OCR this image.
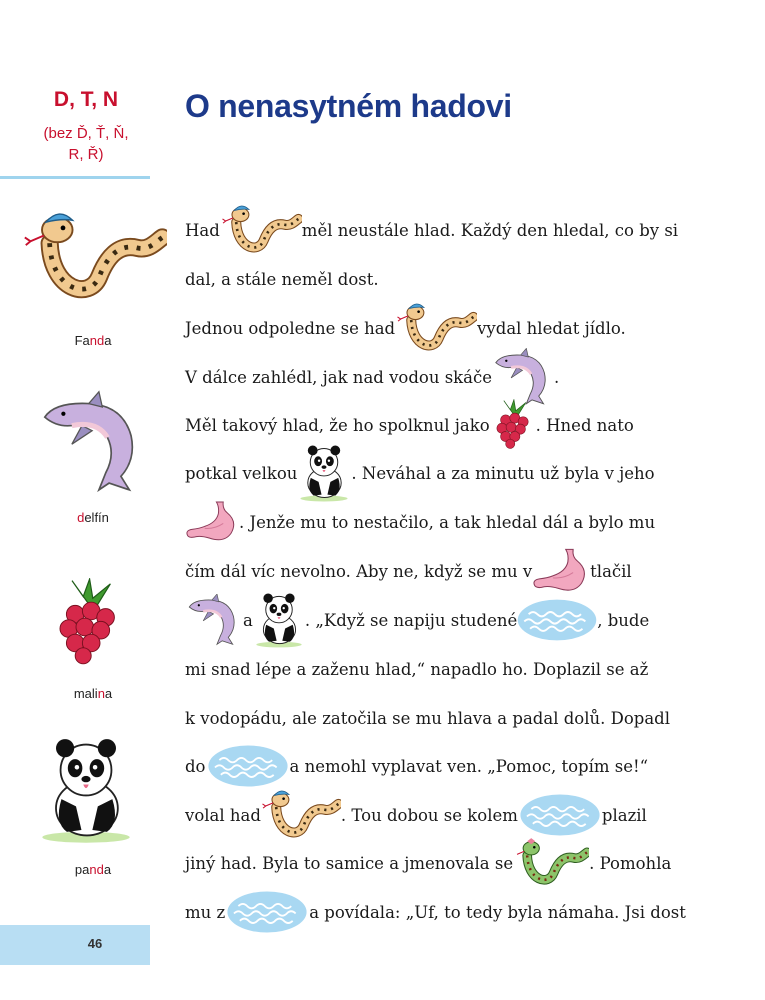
D, T, N
(bez Ď, Ť, Ň,
R, Ř)
Fanda
delfín
malina
panda
46
O nenasytném hadovi
Had	měl neustále hlad. Každý den hledal, co by si
dal, a stále neměl dost.
Jednou odpoledne se had	vydal hledat jídlo.
V dálce zahlédl, jak nad vodou skáče	.
Měl takový hlad, že ho spolknul jako	. Hned nato
potkal velkou	. Neváhal a za minutu už byla v jeho
. Jenže mu to nestačilo, a tak hledal dál a bylo mu
čím dál víc nevolno. Aby ne, když se mu v	tlačil
a	. „Když se napiju studené	, bude
mi snad lépe a zaženu hlad,“ napadlo ho. Doplazil se až
k vodopádu, ale zatočila se mu hlava a padal dolů. Dopadl
do	a nemohl vyplavat ven. „Pomoc, topím se!“
volal had	. Tou dobou se kolem	plazil
jiný had. Byla to samice a jmenovala se	. Pomohla
mu z	a povídala: „Uf, to tedy byla námaha. Jsi dost
